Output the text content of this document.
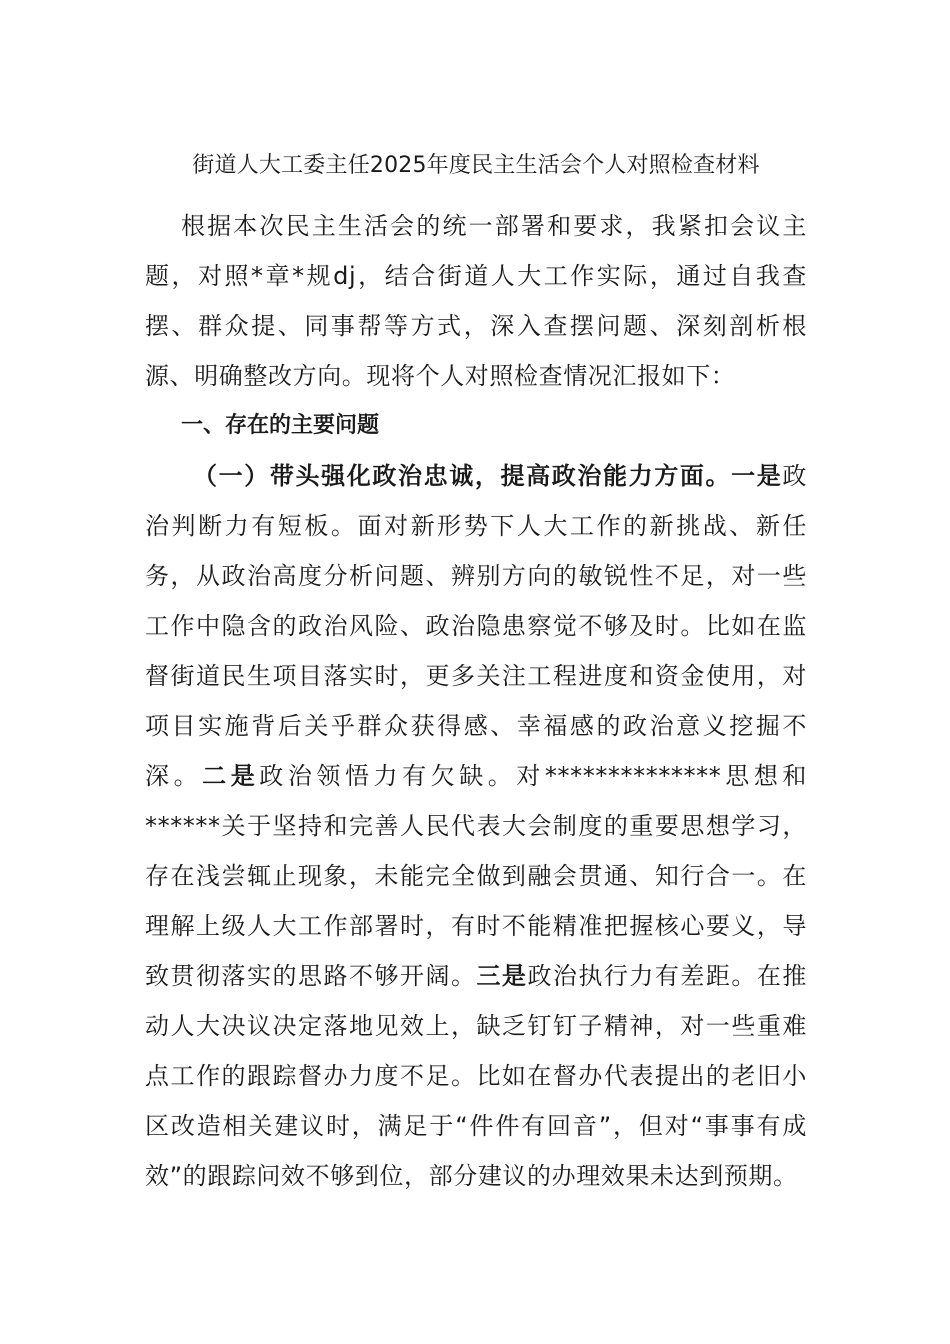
街道人大工委主任2025年度民主生活会个人对照检查材料

根据本次民主生活会的统一部署和要求，我紧扣会议主题，对照*章*规dj，结合街道人大工作实际，通过自我查摆、群众提、同事帮等方式，深入查摆问题、深刻剖析根源、明确整改方向。现将个人对照检查情况汇报如下：

一、存在的主要问题

（一）带头强化政治忠诚，提高政治能力方面。一是政治判断力有短板。面对新形势下人大工作的新挑战、新任务，从政治高度分析问题、辨别方向的敏锐性不足，对一些工作中隐含的政治风险、政治隐患察觉不够及时。比如在监督街道民生项目落实时，更多关注工程进度和资金使用，对项目实施背后关乎群众获得感、幸福感的政治意义挖掘不深。二是政治领悟力有欠缺。对**************思想和******关于坚持和完善人民代表大会制度的重要思想学习，存在浅尝辄止现象，未能完全做到融会贯通、知行合一。在理解上级人大工作部署时，有时不能精准把握核心要义，导致贯彻落实的思路不够开阔。三是政治执行力有差距。在推动人大决议决定落地见效上，缺乏钉钉子精神，对一些重难点工作的跟踪督办力度不足。比如在督办代表提出的老旧小区改造相关建议时，满足于“件件有回音”，但对“事事有成效”的跟踪问效不够到位，部分建议的办理效果未达到预期。
